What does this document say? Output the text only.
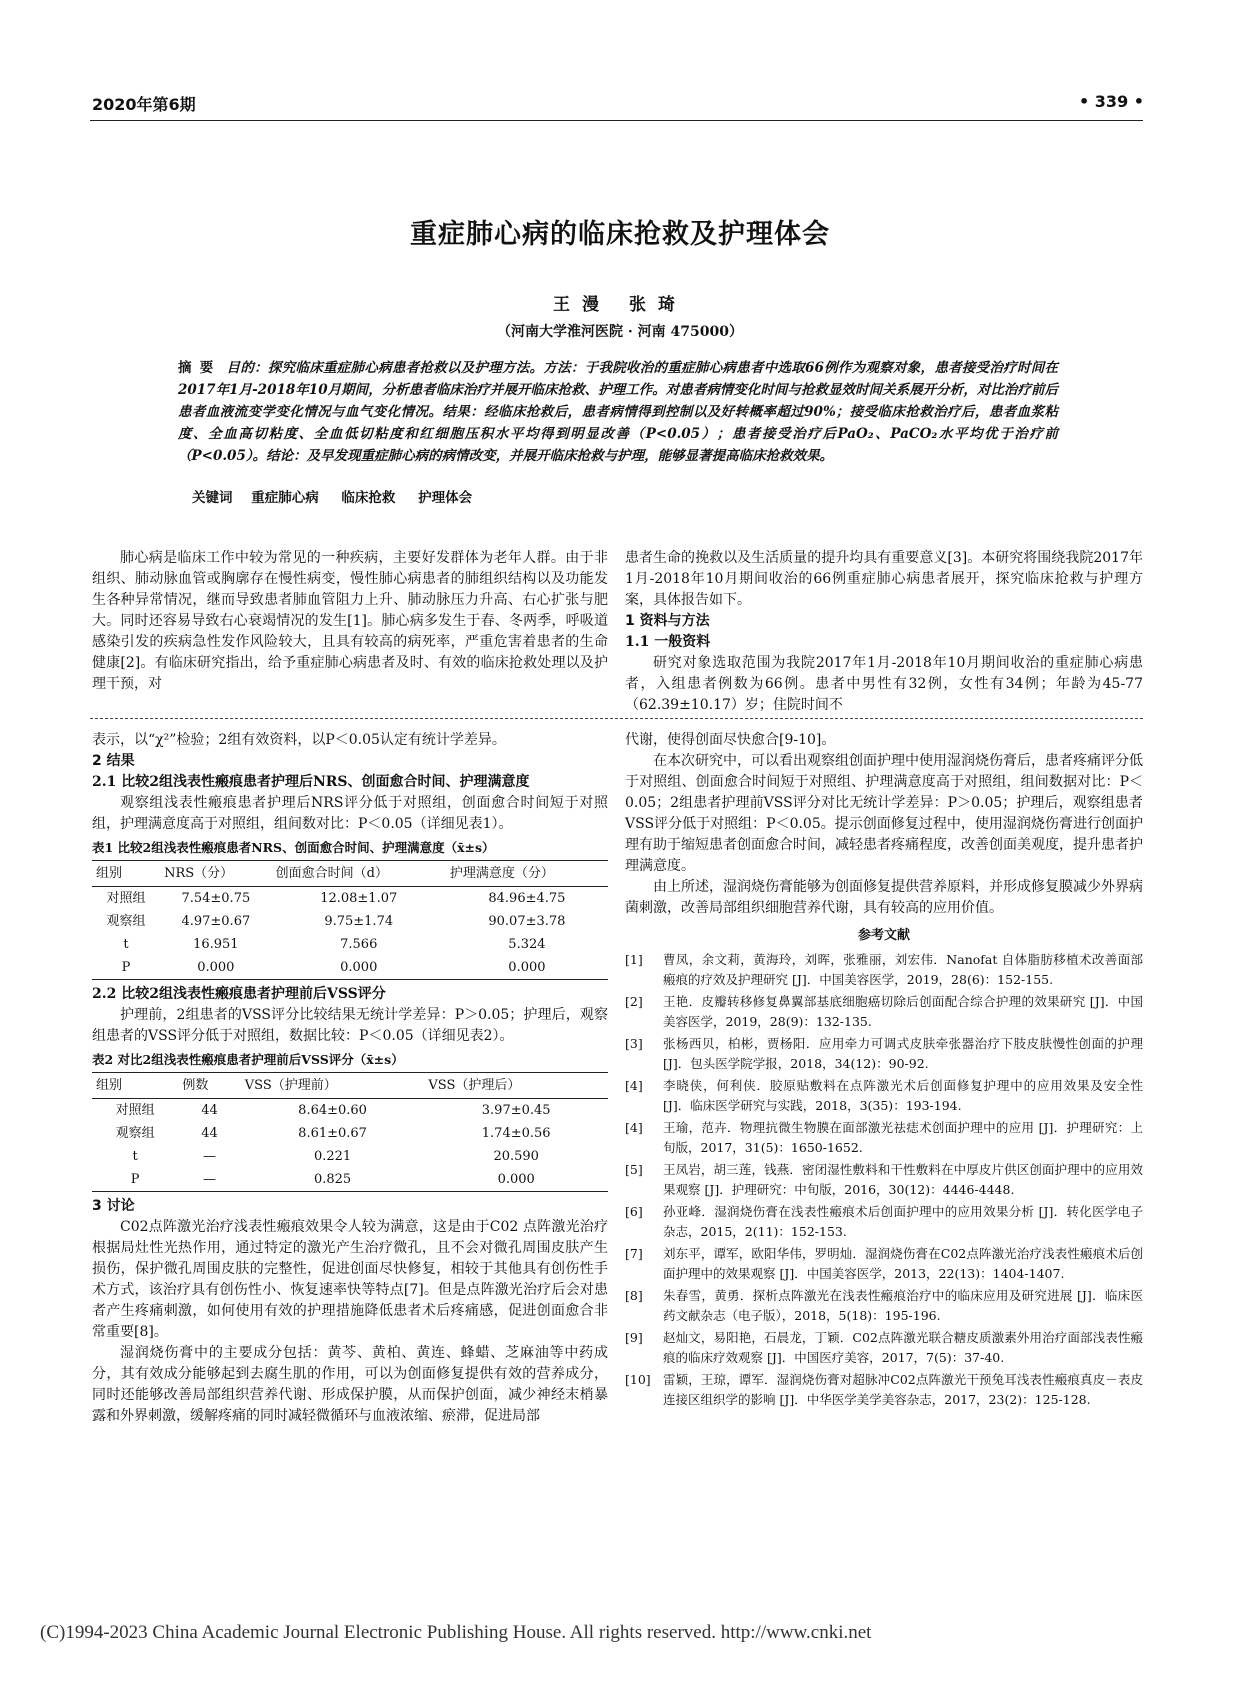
2020年第6期	• 339 •
重症肺心病的临床抢救及护理体会
王漫 张琦
（河南大学淮河医院 · 河南 475000）
摘要 目的：探究临床重症肺心病患者抢救以及护理方法。方法：于我院收治的重症肺心病患者中选取66例作为观察对象，患者接受治疗时间在2017年1月-2018年10月期间，分析患者临床治疗并展开临床抢救、护理工作。对患者病情变化时间与抢救显效时间关系展开分析，对比治疗前后患者血液流变学变化情况与血气变化情况。结果：经临床抢救后，患者病情得到控制以及好转概率超过90%；接受临床抢救治疗后，患者血浆粘度、全血高切粘度、全血低切粘度和红细胞压积水平均得到明显改善（P<0.05）；患者接受治疗后PaO₂、PaCO₂水平均优于治疗前（P<0.05）。结论：及早发现重症肺心病的病情改变，并展开临床抢救与护理，能够显著提高临床抢救效果。
关键词 重症肺心病 临床抢救 护理体会

肺心病是临床工作中较为常见的一种疾病，主要好发群体为老年人群。由于非组织、肺动脉血管或胸廓存在慢性病变，慢性肺心病患者的肺组织结构以及功能发生各种异常情况，继而导致患者肺血管阻力上升、肺动脉压力升高、右心扩张与肥大。同时还容易导致右心衰竭情况的发生[1]。肺心病多发生于春、冬两季，呼吸道感染引发的疾病急性发作风险较大，且具有较高的病死率，严重危害着患者的生命健康[2]。有临床研究指出，给予重症肺心病患者及时、有效的临床抢救处理以及护理干预，对

患者生命的挽救以及生活质量的提升均具有重要意义[3]。本研究将围绕我院2017年1月-2018年10月期间收治的66例重症肺心病患者展开，探究临床抢救与护理方案，具体报告如下。

1 资料与方法
1.1 一般资料

研究对象选取范围为我院2017年1月-2018年10月期间收治的重症肺心病患者，入组患者例数为66例。患者中男性有32例，女性有34例；年龄为45-77（62.39±10.17）岁；住院时间不

表示，以“χ²”检验；2组有效资料，以P＜0.05认定有统计学差异。

2 结果
2.1 比较2组浅表性瘢痕患者护理后NRS、创面愈合时间、护理满意度

观察组浅表性瘢痕患者护理后NRS评分低于对照组，创面愈合时间短于对照组，护理满意度高于对照组，组间数对比：P＜0.05（详细见表1）。

表1 比较2组浅表性瘢痕患者NRS、创面愈合时间、护理满意度（x̄±s）
组别	NRS（分）	创面愈合时间（d）	护理满意度（分）
对照组	7.54±0.75	12.08±1.07	84.96±4.75
观察组	4.97±0.67	9.75±1.74	90.07±3.78
t	16.951	7.566	5.324
P	0.000	0.000	0.000
2.2 比较2组浅表性瘢痕患者护理前后VSS评分

护理前，2组患者的VSS评分比较结果无统计学差异：P＞0.05；护理后，观察组患者的VSS评分低于对照组，数据比较：P＜0.05（详细见表2）。

表2 对比2组浅表性瘢痕患者护理前后VSS评分（x̄±s）
组别	例数	VSS（护理前）	VSS（护理后）
对照组	44	8.64±0.60	3.97±0.45
观察组	44	8.61±0.67	1.74±0.56
t	—	0.221	20.590
P	—	0.825	0.000
3 讨论

C02点阵激光治疗浅表性瘢痕效果令人较为满意，这是由于C02 点阵激光治疗根据局灶性光热作用，通过特定的激光产生治疗微孔，且不会对微孔周围皮肤产生损伤，保护微孔周围皮肤的完整性，促进创面尽快修复，相较于其他具有创伤性手术方式，该治疗具有创伤性小、恢复速率快等特点[7]。但是点阵激光治疗后会对患者产生疼痛刺激，如何使用有效的护理措施降低患者术后疼痛感，促进创面愈合非常重要[8]。

湿润烧伤膏中的主要成分包括：黄芩、黄柏、黄连、蜂蜡、芝麻油等中药成分，其有效成分能够起到去腐生肌的作用，可以为创面修复提供有效的营养成分，同时还能够改善局部组织营养代谢、形成保护膜，从而保护创面，减少神经末梢暴露和外界刺激，缓解疼痛的同时减轻微循环与血液浓缩、瘀滞，促进局部

代谢，使得创面尽快愈合[9-10]。

在本次研究中，可以看出观察组创面护理中使用湿润烧伤膏后，患者疼痛评分低于对照组、创面愈合时间短于对照组、护理满意度高于对照组，组间数据对比：P＜0.05；2组患者护理前VSS评分对比无统计学差异：P＞0.05；护理后，观察组患者VSS评分低于对照组：P＜0.05。提示创面修复过程中，使用湿润烧伤膏进行创面护理有助于缩短患者创面愈合时间，减轻患者疼痛程度，改善创面美观度，提升患者护理满意度。

由上所述，湿润烧伤膏能够为创面修复提供营养原料，并形成修复膜减少外界病菌刺激，改善局部组织细胞营养代谢，具有较高的应用价值。

参考文献
[1]	曹凤，余文莉，黄海玲，刘晖，张雅丽，刘宏伟．Nanofat 自体脂肪移植术改善面部瘢痕的疗效及护理研究 [J]．中国美容医学，2019，28(6)：152-155.
[2]	王艳．皮瓣转移修复鼻翼部基底细胞癌切除后创面配合综合护理的效果研究 [J]．中国美容医学，2019，28(9)：132-135.
[3]	张杨西贝，柏彬，贾杨阳．应用牵力可调式皮肤牵张器治疗下肢皮肤慢性创面的护理 [J]．包头医学院学报，2018，34(12)：90-92.
[4]	李晓侠，何利侠．胶原贴敷料在点阵激光术后创面修复护理中的应用效果及安全性 [J]．临床医学研究与实践，2018，3(35)：193-194.
[4]	王瑜，范卉．物理抗微生物膜在面部激光祛痣术创面护理中的应用 [J]．护理研究：上旬版，2017，31(5)：1650-1652.
[5]	王凤岩，胡三莲，钱燕．密闭湿性敷料和干性敷料在中厚皮片供区创面护理中的应用效果观察 [J]．护理研究：中旬版，2016，30(12)：4446-4448.
[6]	孙亚峰．湿润烧伤膏在浅表性瘢痕术后创面护理中的应用效果分析 [J]．转化医学电子杂志，2015，2(11)：152-153.
[7]	刘东平，谭军，欧阳华伟，罗明灿．湿润烧伤膏在C02点阵激光治疗浅表性瘢痕术后创面护理中的效果观察 [J]．中国美容医学，2013，22(13)：1404-1407.
[8]	朱春雪，黄勇．探析点阵激光在浅表性瘢痕治疗中的临床应用及研究进展 [J]．临床医药文献杂志（电子版），2018，5(18)：195-196.
[9]	赵灿文，易阳艳，石晨龙，丁颖．C02点阵激光联合糖皮质激素外用治疗面部浅表性瘢痕的临床疗效观察 [J]．中国医疗美容，2017，7(5)：37-40.
[10] 雷颖，王琼，谭军．湿润烧伤膏对超脉冲C02点阵激光干预兔耳浅表性瘢痕真皮－表皮连接区组织学的影响 [J]．中华医学美学美容杂志，2017，23(2)：125-128.
(C)1994-2023 China Academic Journal Electronic Publishing House. All rights reserved. http://www.cnki.net
